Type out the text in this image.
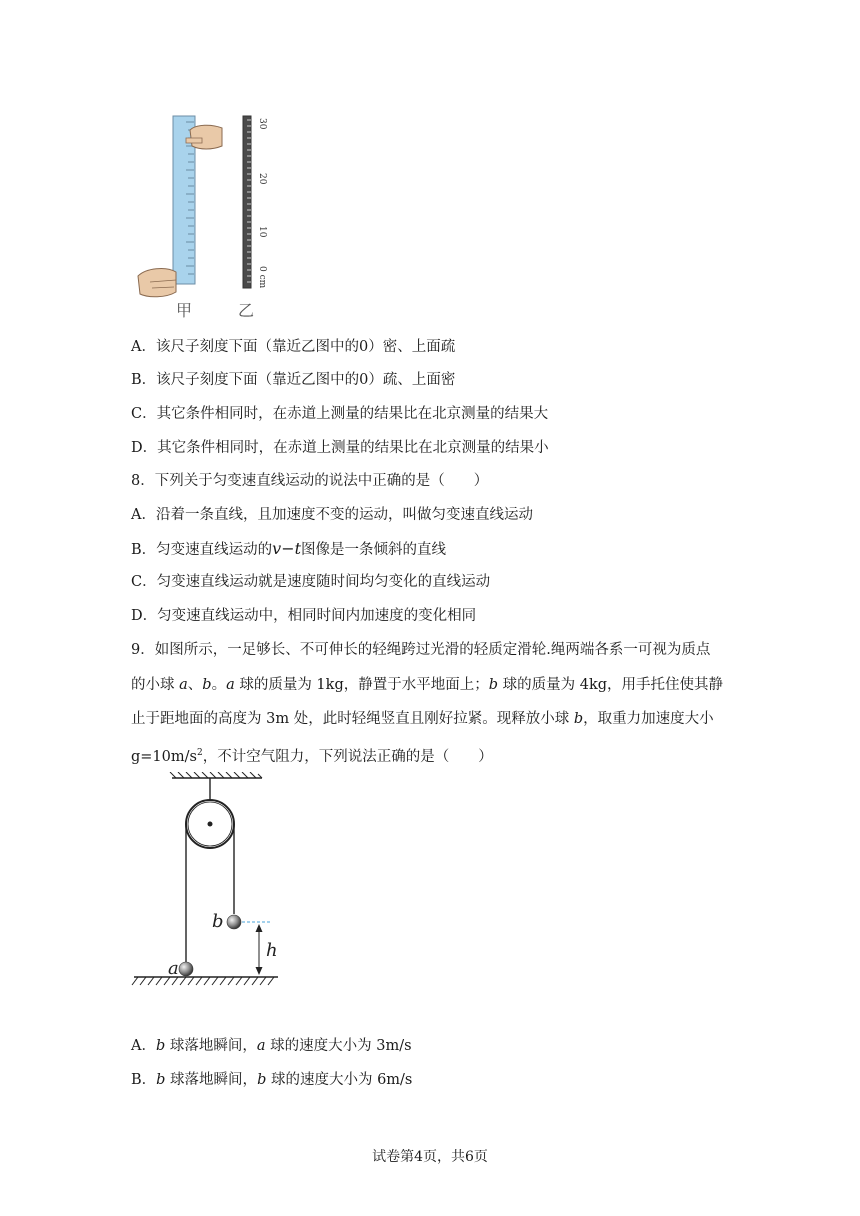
30
20
10
0 cm
甲	乙
A．该尺子刻度下面（靠近乙图中的0）密、上面疏
B．该尺子刻度下面（靠近乙图中的0）疏、上面密
C．其它条件相同时，在赤道上测量的结果比在北京测量的结果大
D．其它条件相同时，在赤道上测量的结果比在北京测量的结果小
8．下列关于匀变速直线运动的说法中正确的是（　　）
A．沿着一条直线，且加速度不变的运动，叫做匀变速直线运动
B．匀变速直线运动的v−t图像是一条倾斜的直线
C．匀变速直线运动就是速度随时间均匀变化的直线运动
D．匀变速直线运动中，相同时间内加速度的变化相同
9．如图所示，一足够长、不可伸长的轻绳跨过光滑的轻质定滑轮.绳两端各系一可视为质点
的小球 a、b。a 球的质量为 1kg，静置于水平地面上；b 球的质量为 4kg，用手托住使其静
止于距地面的高度为 3m 处，此时轻绳竖直且刚好拉紧。现释放小球 b，取重力加速度大小
$g=10m/s^2$，不计空气阻力，下列说法正确的是（　　）
b
a
h
A．b 球落地瞬间，a 球的速度大小为 3m/s
B．b 球落地瞬间，b 球的速度大小为 6m/s
试卷第4页，共6页
